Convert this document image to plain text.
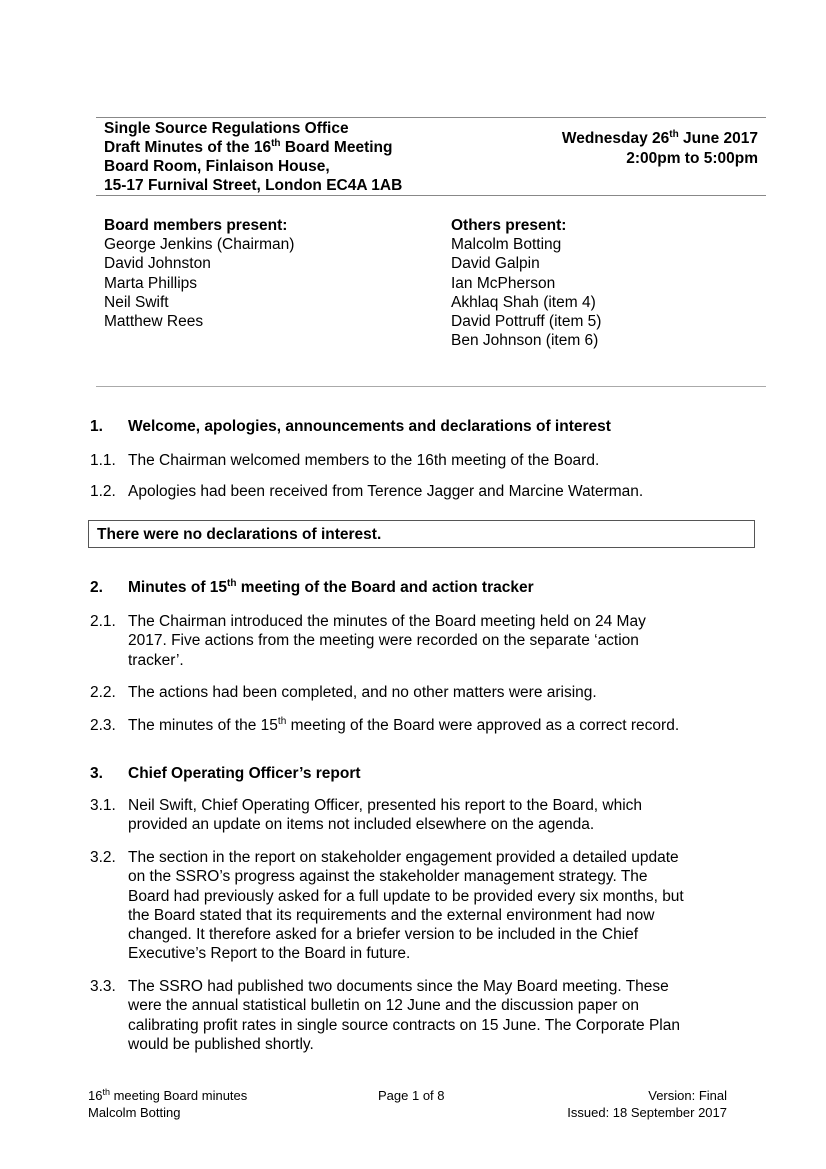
Single Source Regulations Office
Draft Minutes of the 16th Board Meeting
Board Room, Finlaison House,
15-17 Furnival Street, London EC4A 1AB
Wednesday 26th June 2017
2:00pm to 5:00pm
Board members present:
George Jenkins (Chairman)
David Johnston
Marta Phillips
Neil Swift
Matthew Rees
Others present:
Malcolm Botting
David Galpin
Ian McPherson
Akhlaq Shah (item 4)
David Pottruff (item 5)
Ben Johnson (item 6)
1. Welcome, apologies, announcements and declarations of interest
1.1. The Chairman welcomed members to the 16th meeting of the Board.
1.2. Apologies had been received from Terence Jagger and Marcine Waterman.
There were no declarations of interest.
2. Minutes of 15th meeting of the Board and action tracker
2.1. The Chairman introduced the minutes of the Board meeting held on 24 May
2017. Five actions from the meeting were recorded on the separate ‘action
tracker’.
2.2. The actions had been completed, and no other matters were arising.
2.3. The minutes of the 15th meeting of the Board were approved as a correct record.
3. Chief Operating Officer’s report
3.1. Neil Swift, Chief Operating Officer, presented his report to the Board, which
provided an update on items not included elsewhere on the agenda.
3.2. The section in the report on stakeholder engagement provided a detailed update
on the SSRO’s progress against the stakeholder management strategy. The
Board had previously asked for a full update to be provided every six months, but
the Board stated that its requirements and the external environment had now
changed. It therefore asked for a briefer version to be included in the Chief
Executive’s Report to the Board in future.
3.3. The SSRO had published two documents since the May Board meeting. These
were the annual statistical bulletin on 12 June and the discussion paper on
calibrating profit rates in single source contracts on 15 June. The Corporate Plan
would be published shortly.
16th meeting Board minutes
Malcolm Botting
Page 1 of 8	Version: Final
Issued: 18 September 2017
